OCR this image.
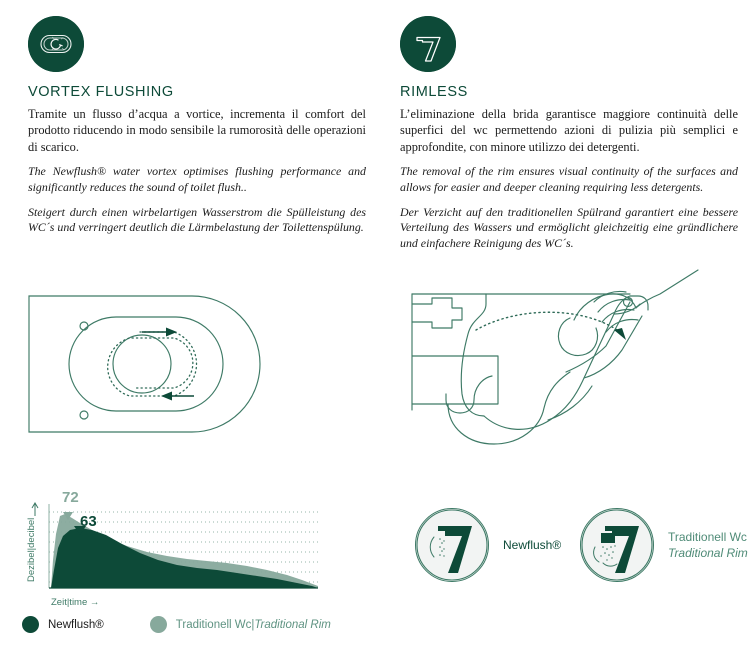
VORTEX FLUSHING

Tramite un flusso d’acqua a vortice, incrementa il comfort del prodotto riducendo in modo sensibile la rumorosità delle operazioni di scarico.

The Newflush® water vortex optimises flushing performance and significantly reduces the sound of toilet flush..

Steigert durch einen wirbelartigen Wasserstrom die Spülleistung des WC´s und verringert deutlich die Lärmbelastung der Toilettenspülung.

RIMLESS

L’eliminazione della brida garantisce maggiore continuità delle superfici del wc permettendo azioni di pulizia più semplici e approfondite, con minore utilizzo dei detergenti.

The removal of the rim ensures visual continuity of the surfaces and allows for easier and deeper cleaning requiring less detergents.

Der Verzicht auf den traditionellen Spülrand garantiert eine bessere Verteilung des Wassers und ermöglicht gleichzeitig eine gründlichere und einfachere Reinigung des WC´s.

72
63
Dezibel|decibel
Zeit|time →
Newflush®	Traditionell Wc|Traditional Rim
Newflush®
Traditionell Wc
Traditional Rim
